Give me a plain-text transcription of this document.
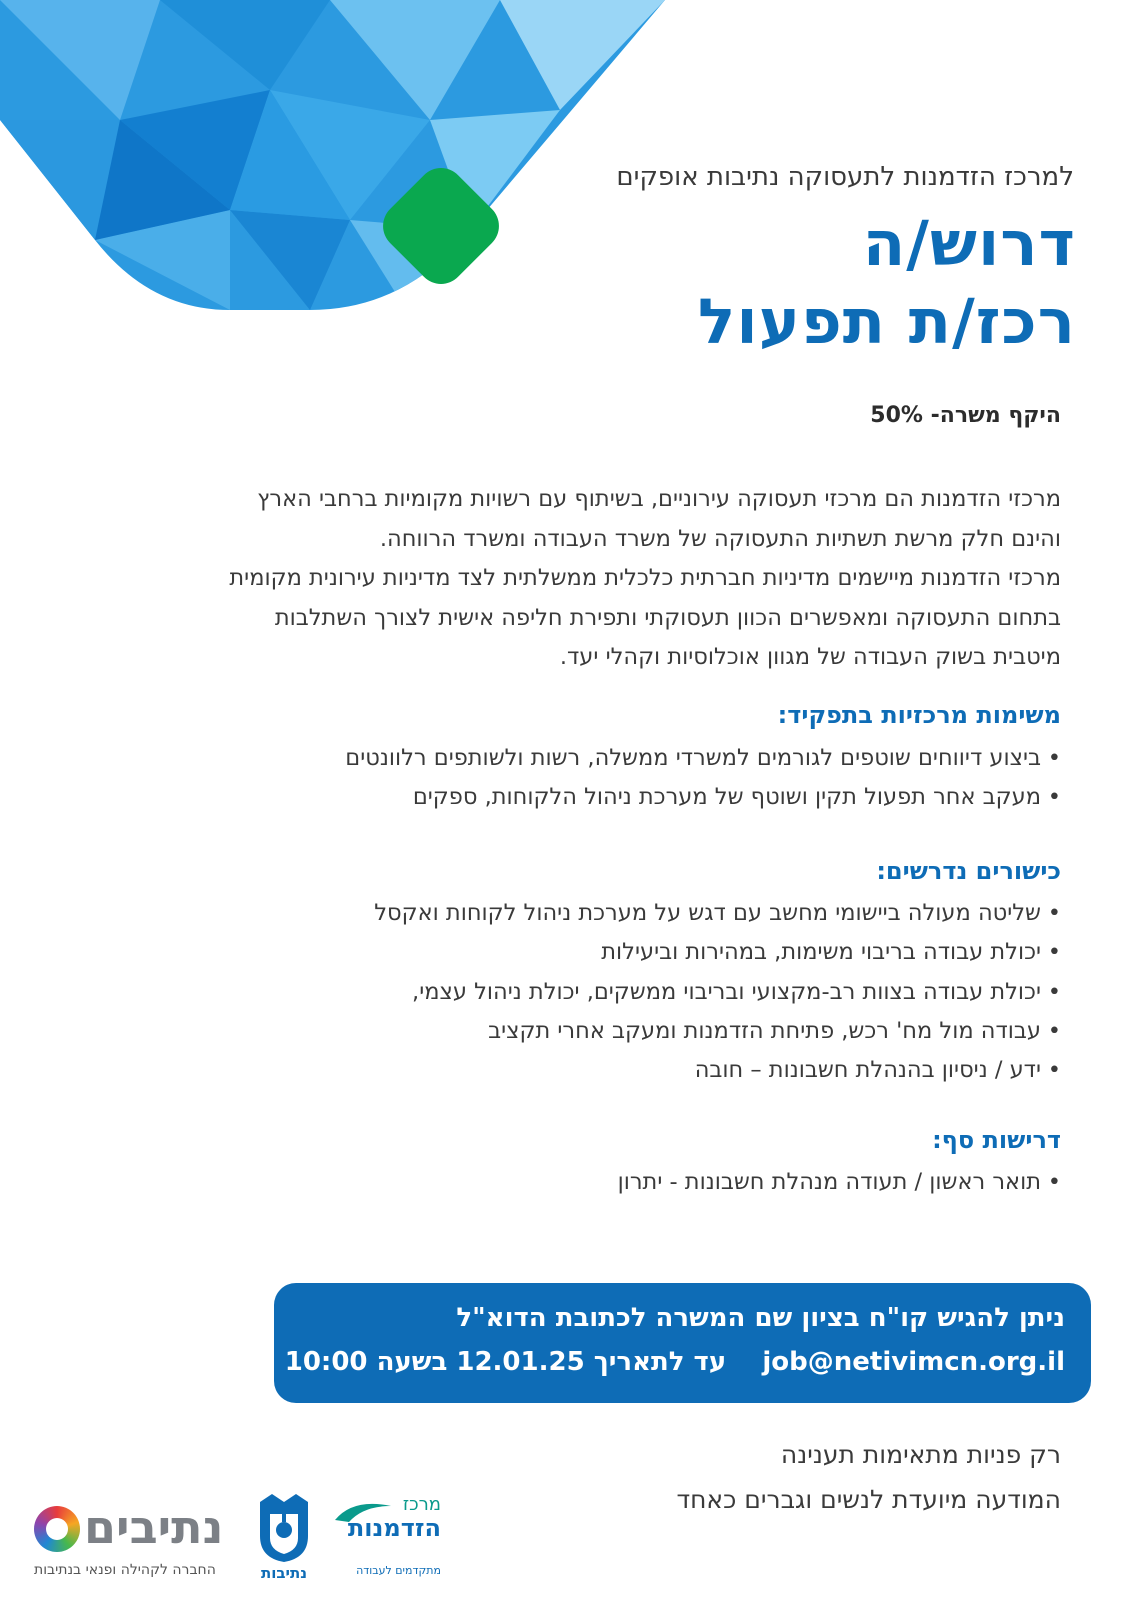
למרכז הזדמנות לתעסוקה נתיבות אופקים
דרוש/ה
רכז/ת תפעול
היקף משרה- 50%

מרכזי הזדמנות הם מרכזי תעסוקה עירוניים, בשיתוף עם רשויות מקומיות ברחבי הארץ

והינם חלק מרשת תשתיות התעסוקה של משרד העבודה ומשרד הרווחה.

מרכזי הזדמנות מיישמים מדיניות חברתית כלכלית ממשלתית לצד מדיניות עירונית מקומית

בתחום התעסוקה ומאפשרים הכוון תעסוקתי ותפירת חליפה אישית לצורך השתלבות

מיטבית בשוק העבודה של מגוון אוכלוסיות וקהלי יעד.

משימות מרכזיות בתפקיד:
• ביצוע דיווחים שוטפים לגורמים למשרדי ממשלה, רשות ולשותפים רלוונטים
• מעקב אחר תפעול תקין ושוטף של מערכת ניהול הלקוחות, ספקים
כישורים נדרשים:
• שליטה מעולה ביישומי מחשב עם דגש על מערכת ניהול לקוחות ואקסל
• יכולת עבודה בריבוי משימות, במהירות וביעילות
• יכולת עבודה בצוות רב-מקצועי ובריבוי ממשקים, יכולת ניהול עצמי,
• עבודה מול מח' רכש, פתיחת הזדמנות ומעקב אחרי תקציב
• ידע / ניסיון בהנהלת חשבונות – חובה
דרישות סף:
• תואר ראשון / תעודה מנהלת חשבונות - יתרון
ניתן להגיש קו"ח בציון שם המשרה לכתובת הדוא"ל
job@netivimcn.org.il    עד לתאריך 12.01.25 בשעה 10:00

רק פניות מתאימות תענינה

המודעה מיועדת לנשים וגברים כאחד

נתיבים
החברה לקהילה ופנאי בנתיבות	נתיבות
מרכז
הזדמנות
מתקדמים לעבודה
